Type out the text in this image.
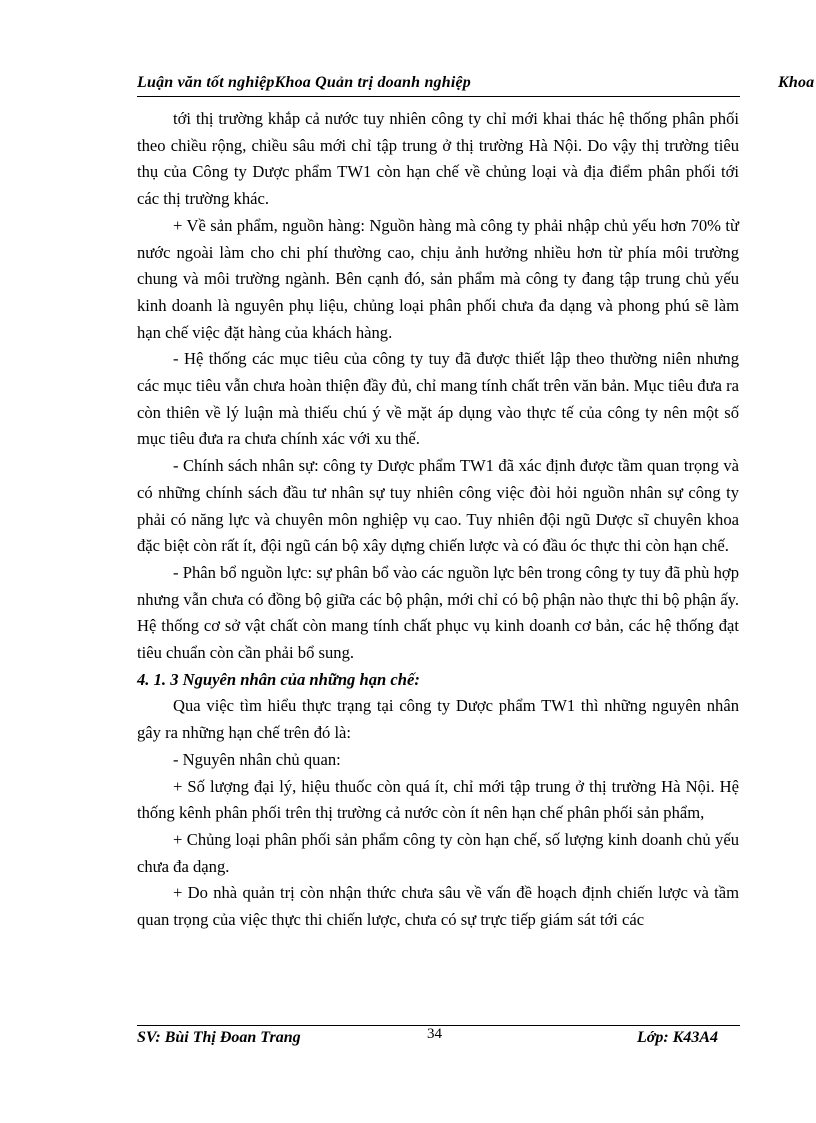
Luận văn tốt nghiệpKhoa Quản trị doanh nghiệp	Khoa

tới thị trường khắp cả nước tuy nhiên công ty chỉ mới khai thác hệ thống phân phối theo chiều rộng, chiều sâu mới chỉ tập trung ở thị trường Hà Nội. Do vậy thị trường tiêu thụ của Công ty Dược phẩm TW1 còn hạn chế về chủng loại và địa điểm phân phối tới các thị trường khác.

+ Về sản phẩm, nguồn hàng: Nguồn hàng mà công ty phải nhập chủ yếu hơn 70% từ nước ngoài làm cho chi phí thường cao, chịu ảnh hưởng nhiều hơn từ phía môi trường chung và môi trường ngành. Bên cạnh đó, sản phẩm mà công ty đang tập trung chủ yếu kinh doanh là nguyên phụ liệu, chủng loại phân phối chưa đa dạng và phong phú sẽ làm hạn chế việc đặt hàng của khách hàng.

- Hệ thống các mục tiêu của công ty tuy đã được thiết lập theo thường niên nhưng các mục tiêu vẫn chưa hoàn thiện đầy đủ, chỉ mang tính chất trên văn bản. Mục tiêu đưa ra còn thiên về lý luận mà thiếu chú ý về mặt áp dụng vào thực tế của công ty nên một số mục tiêu đưa ra chưa chính xác với xu thế.

- Chính sách nhân sự: công ty Dược phẩm TW1 đã xác định được tầm quan trọng và có những chính sách đầu tư nhân sự tuy nhiên công việc đòi hỏi nguồn nhân sự công ty phải có năng lực và chuyên môn nghiệp vụ cao. Tuy nhiên đội ngũ Dược sĩ chuyên khoa đặc biệt còn rất ít, đội ngũ cán bộ xây dựng chiến lược và có đầu óc thực thi còn hạn chế.

- Phân bổ nguồn lực: sự phân bổ vào các nguồn lực bên trong công ty tuy đã phù hợp nhưng vẫn chưa có đồng bộ giữa các bộ phận, mới chỉ có bộ phận nào thực thi bộ phận ấy. Hệ thống cơ sở vật chất còn mang tính chất phục vụ kinh doanh cơ bản, các hệ thống đạt tiêu chuẩn còn cần phải bổ sung.

4. 1. 3 Nguyên nhân của những hạn chế:

Qua việc tìm hiểu thực trạng tại công ty Dược phẩm TW1 thì những nguyên nhân gây ra những hạn chế trên đó là:

- Nguyên nhân chủ quan:

+ Số lượng đại lý, hiệu thuốc còn quá ít, chỉ mới tập trung ở thị trường Hà Nội. Hệ thống kênh phân phối trên thị trường cả nước còn ít nên hạn chế phân phối sản phẩm,

+ Chủng loại phân phối sản phẩm công ty còn hạn chế, số lượng kinh doanh chủ yếu chưa đa dạng.

+ Do nhà quản trị còn nhận thức chưa sâu về vấn đề hoạch định chiến lược và tầm quan trọng của việc thực thi chiến lược, chưa có sự trực tiếp giám sát tới các

SV: Bùi Thị Đoan Trang	34	Lớp: K43A4
